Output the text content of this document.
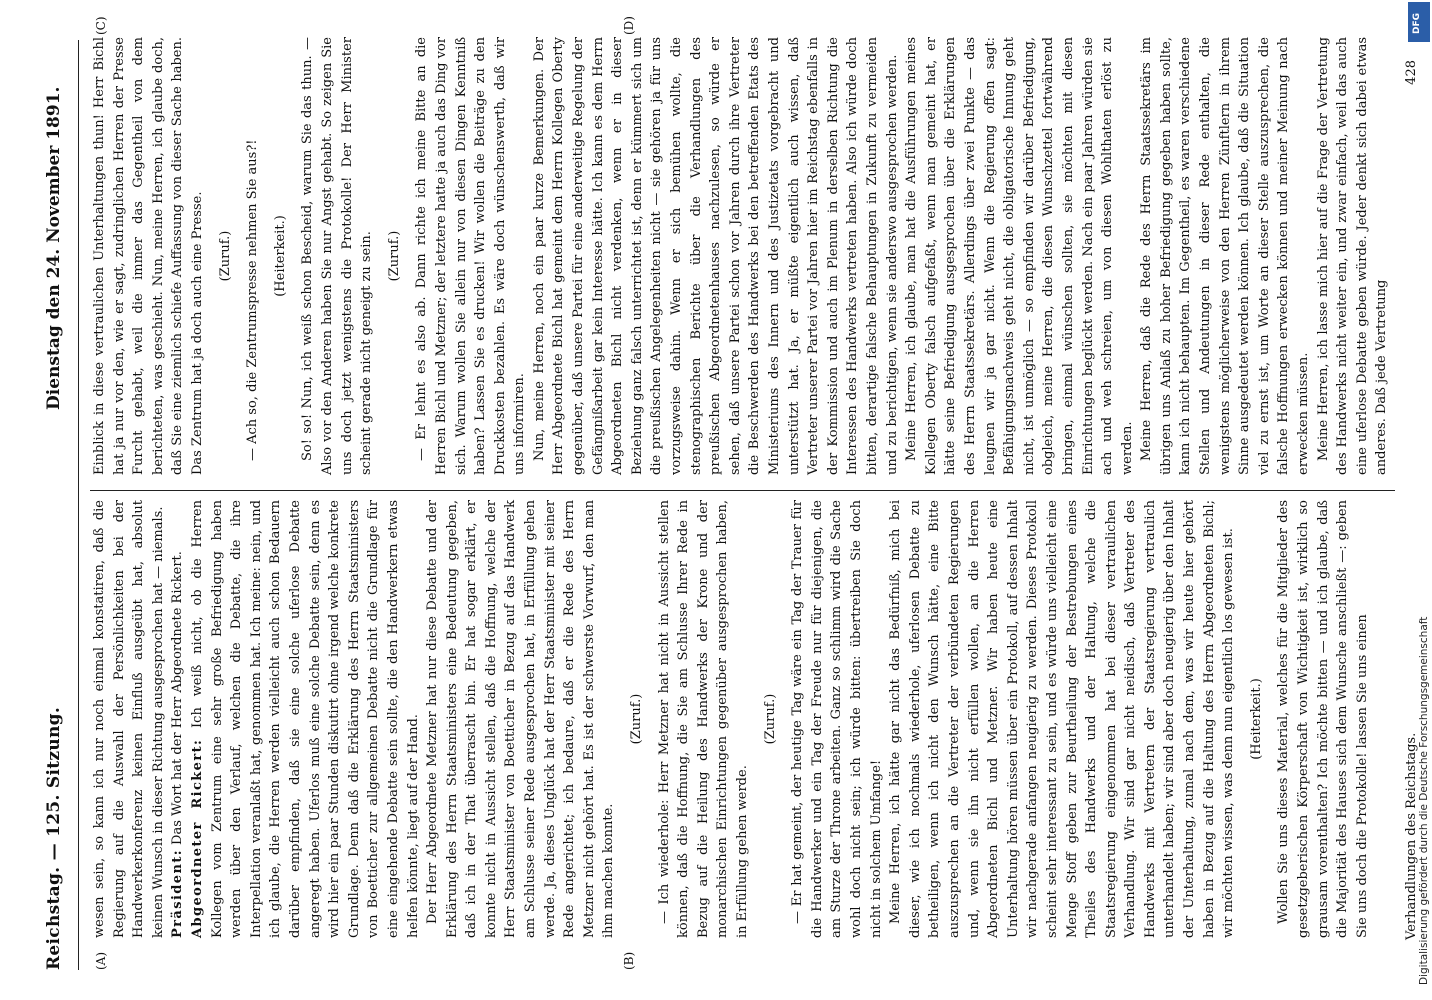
Reichstag. — 125. Sitzung.
Dienstag den 24. November 1891.
(A)	(B)
(C)	(D)

wesen sein, so kann ich nur noch einmal konstatiren, daß die Regierung auf die Auswahl der Persönlichkeiten bei der Handwerkerkonferenz keinen Einfluß ausgeübt hat, absolut keinen Wunsch in dieser Richtung ausgesprochen hat — niemals. Präsident: Das Wort hat der Herr Abgeordnete Rickert. Abgeordneter Rickert: Ich weiß nicht, ob die Herren Kollegen vom Zentrum eine sehr große Befriedigung haben werden über den Verlauf, welchen die Debatte, die ihre Interpellation veranlaßt hat, genommen hat. Ich meine: nein, und ich glaube, die Herren werden vielleicht auch schon Bedauern darüber empfinden, daß sie eine solche uferlose Debatte angeregt haben. Uferlos muß eine solche Debatte sein, denn es wird hier ein paar Stunden diskutirt ohne irgend welche konkrete Grundlage. Denn daß die Erklärung des Herrn Staatsministers von Boetticher zur allgemeinen Debatte nicht die Grundlage für eine eingehende Debatte sein sollte, die den Handwerkern etwas helfen könnte, liegt auf der Hand. Der Herr Abgeordnete Metzner hat nur diese Debatte und der Erklärung des Herrn Staatsministers eine Bedeutung gegeben, daß ich in der That überrascht bin. Er hat sogar erklärt, er konnte nicht in Aussicht stellen, daß die Hoffnung, welche der Herr Staatsminister von Boetticher in Bezug auf das Handwerk am Schlusse seiner Rede ausgesprochen hat, in Erfüllung gehen werde. Ja, dieses Unglück hat der Herr Staatsminister mit seiner Rede angerichtet; ich bedaure, daß er die Rede des Herrn Metzner nicht gehört hat. Es ist der schwerste Vorwurf, den man ihm machen konnte.

(Zuruf.) — Ich wiederhole: Herr Metzner hat nicht in Aussicht stellen können, daß die Hoffnung, die Sie am Schlusse Ihrer Rede in Bezug auf die Heilung des Handwerks der Krone und der monarchischen Einrichtungen gegenüber ausgesprochen haben, in Erfüllung gehen werde.

(Zuruf.) — Er hat gemeint, der heutige Tag wäre ein Tag der Trauer für die Handwerker und ein Tag der Freude nur für diejenigen, die am Sturze der Throne arbeiten. Ganz so schlimm wird die Sache wohl doch nicht sein; ich würde bitten: übertreiben Sie doch nicht in solchem Umfange! Meine Herren, ich hätte gar nicht das Bedürfniß, mich bei dieser, wie ich nochmals wiederhole, uferlosen Debatte zu betheiligen, wenn ich nicht den Wunsch hätte, eine Bitte auszusprechen an die Vertreter der verbündeten Regierungen und, wenn sie ihn nicht erfüllen wollen, an die Herren Abgeordneten Bichl und Metzner. Wir haben heute eine Unterhaltung hören müssen über ein Protokoll, auf dessen Inhalt wir nachgerade anfangen neugierig zu werden. Dieses Protokoll scheint sehr interessant zu sein, und es würde uns vielleicht eine Menge Stoff geben zur Beurtheilung der Bestrebungen eines Theiles des Handwerks und der Haltung, welche die Staatsregierung eingenommen hat bei dieser vertraulichen Verhandlung. Wir sind gar nicht neidisch, daß Vertreter des Handwerks mit Vertretern der Staatsregierung vertraulich unterhandelt haben; wir sind aber doch neugierig über den Inhalt der Unterhaltung, zumal nach dem, was wir heute hier gehört haben in Bezug auf die Haltung des Herrn Abgeordneten Bichl; wir möchten wissen, was denn nun eigentlich los gewesen ist. (Heiterkeit.) Wollen Sie uns dieses Material, welches für die Mitglieder des gesetzgeberischen Körperschaft von Wichtigkeit ist, wirklich so grausam vorenthalten? Ich möchte bitten — und ich glaube, daß die Majorität des Hauses sich dem Wunsche anschließt —: geben Sie uns doch die Protokolle! lassen Sie uns einen

Einblick in diese vertraulichen Unterhaltungen thun! Herr Bichl hat ja nur vor den, wie er sagt, zudringlichen Herren der Presse Furcht gehabt, weil die immer das Gegentheil von dem berichteten, was geschieht. Nun, meine Herren, ich glaube doch, daß Sie eine ziemlich schiefe Auffassung von dieser Sache haben. Das Zentrum hat ja doch auch eine Presse. (Zuruf.) — Ach so, die Zentrumspresse nehmen Sie aus?! (Heiterkeit.) So! so! Nun, ich weiß schon Bescheid, warum Sie das thun. — Also vor den Anderen haben Sie nur Angst gehabt. So zeigen Sie uns doch jetzt wenigstens die Protokolle! Der Herr Minister scheint gerade nicht geneigt zu sein. (Zuruf.) — Er lehnt es also ab. Dann richte ich meine Bitte an die Herren Bichl und Metzner; der letztere hatte ja auch das Ding vor sich. Warum wollen Sie allein nur von diesen Dingen Kenntniß haben? Lassen Sie es drucken! Wir wollen die Beiträge zu den Druckkosten bezahlen. Es wäre doch wünschenswerth, daß wir uns informiren. Nun, meine Herren, noch ein paar kurze Bemerkungen. Der Herr Abgeordnete Bichl hat gemeint dem Herrn Kollegen Oberty gegenüber, daß unsere Partei für eine anderweitige Regelung der Gefängnißarbeit gar kein Interesse hätte. Ich kann es dem Herrn Abgeordneten Bichl nicht verdenken, wenn er in dieser Beziehung ganz falsch unterrichtet ist, denn er kümmert sich um die preußischen Angelegenheiten nicht — sie gehören ja für uns vorzugsweise dahin. Wenn er sich bemühen wollte, die stenographischen Berichte über die Verhandlungen des preußischen Abgeordnetenhauses nachzulesen, so würde er sehen, daß unsere Partei schon vor Jahren durch ihre Vertreter die Beschwerden des Handwerks bei den betreffenden Etats des Ministeriums des Innern und des Justizetats vorgebracht und unterstützt hat. Ja, er müßte eigentlich auch wissen, daß Vertreter unserer Partei vor Jahren hier im Reichstag ebenfalls in der Kommission und auch im Plenum in derselben Richtung die Interessen des Handwerks vertreten haben. Also ich würde doch bitten, derartige falsche Behauptungen in Zukunft zu vermeiden und zu berichtigen, wenn sie anderswo ausgesprochen werden. Meine Herren, ich glaube, man hat die Ausführungen meines Kollegen Oberty falsch aufgefaßt, wenn man gemeint hat, er hätte seine Befriedigung ausgesprochen über die Erklärungen des Herrn Staatssekretärs. Allerdings über zwei Punkte — das leugnen wir ja gar nicht. Wenn die Regierung offen sagt: Befähigungsnachweis geht nicht, die obligatorische Innung geht nicht, ist unmöglich — so empfinden wir darüber Befriedigung, obgleich, meine Herren, die diesen Wunschzettel fortwährend bringen, einmal wünschen sollten, sie möchten mit diesen Einrichtungen beglückt werden. Nach ein paar Jahren würden sie ach und weh schreien, um von diesen Wohlthaten erlöst zu werden. Meine Herren, daß die Rede des Herrn Staatssekretärs im übrigen uns Anlaß zu hoher Befriedigung gegeben haben sollte, kann ich nicht behaupten. Im Gegentheil, es waren verschiedene Stellen und Andeutungen in dieser Rede enthalten, die wenigstens möglicherweise von den Herren Zünftlern in ihrem Sinne ausgedeutet werden können. Ich glaube, daß die Situation viel zu ernst ist, um Worte an dieser Stelle auszusprechen, die falsche Hoffnungen erwecken können und meiner Meinung nach erwecken müssen. Meine Herren, ich lasse mich hier auf die Frage der Vertretung des Handwerks nicht weiter ein, und zwar einfach, weil das auch eine uferlose Debatte geben würde. Jeder denkt sich dabei etwas anderes. Daß jede Vertretung

Verhandlungen des Reichstags.
428
Digitalisierung gefördert durch die Deutsche Forschungsgemeinschaft
DFG
